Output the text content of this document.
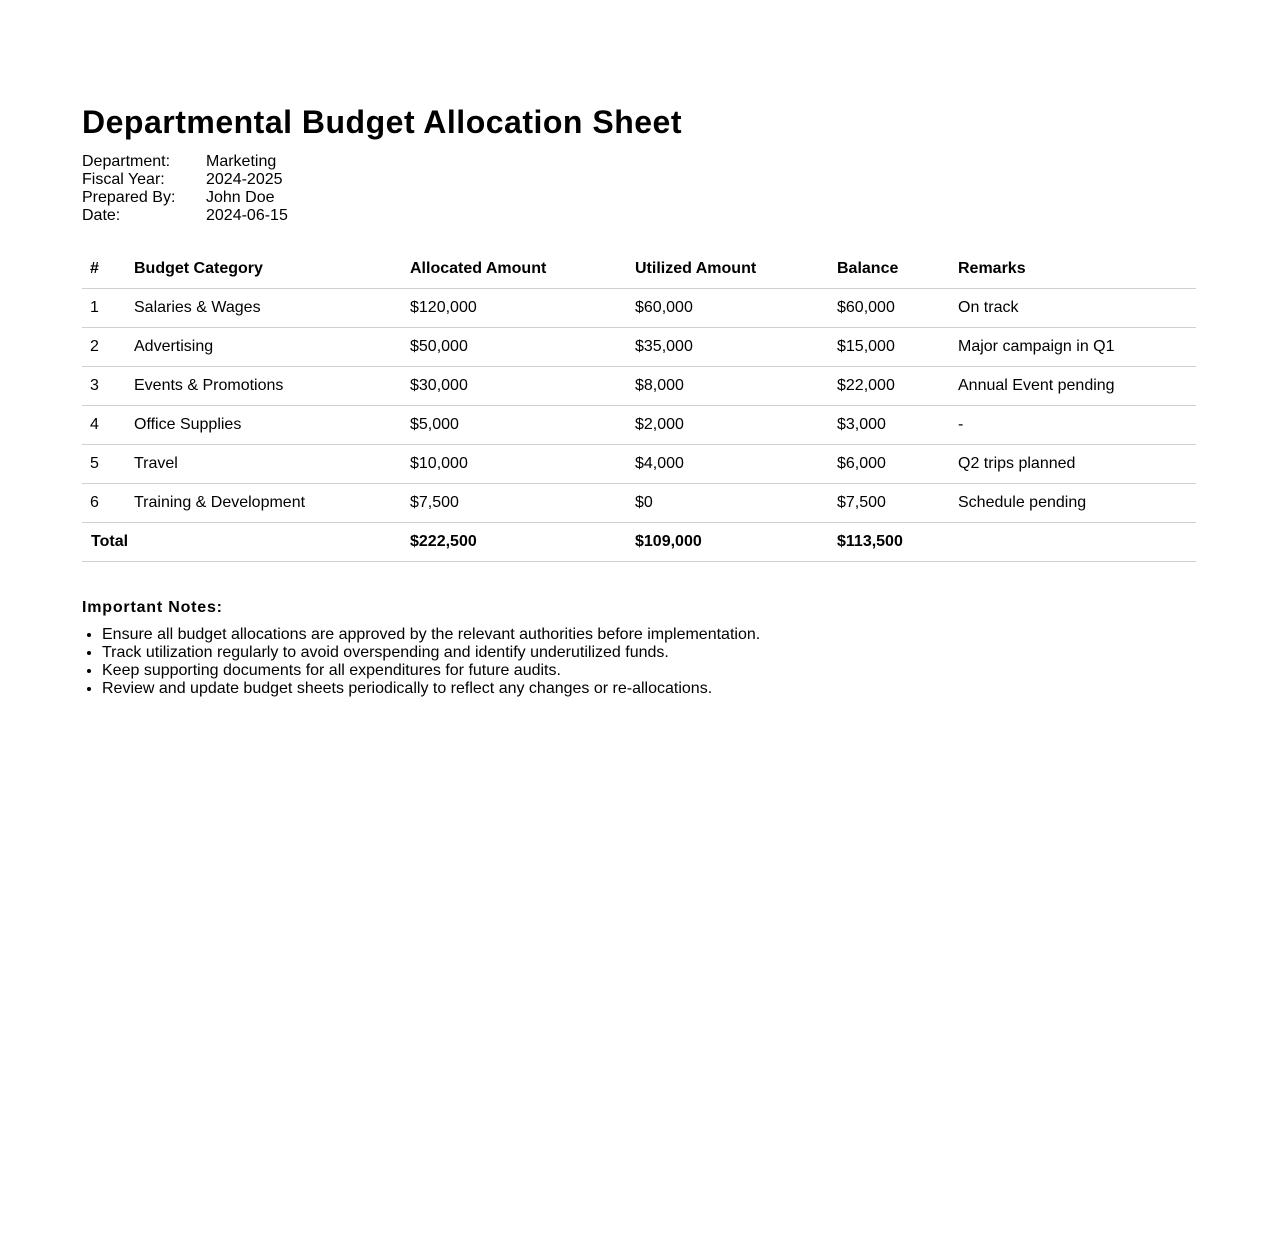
Departmental Budget Allocation Sheet
Department:	Marketing
Fiscal Year:	2024-2025
Prepared By:	John Doe
Date:	2024-06-15
#	Budget Category	Allocated Amount	Utilized Amount	Balance	Remarks
1	Salaries & Wages	$120,000	$60,000	$60,000	On track
2	Advertising	$50,000	$35,000	$15,000	Major campaign in Q1
3	Events & Promotions	$30,000	$8,000	$22,000	Annual Event pending
4	Office Supplies	$5,000	$2,000	$3,000	-
5	Travel	$10,000	$4,000	$6,000	Q2 trips planned
6	Training & Development	$7,500	$0	$7,500	Schedule pending
Total		$222,500	$109,000	$113,500	
Important Notes:
• Ensure all budget allocations are approved by the relevant authorities before implementation.
• Track utilization regularly to avoid overspending and identify underutilized funds.
• Keep supporting documents for all expenditures for future audits.
• Review and update budget sheets periodically to reflect any changes or re-allocations.
